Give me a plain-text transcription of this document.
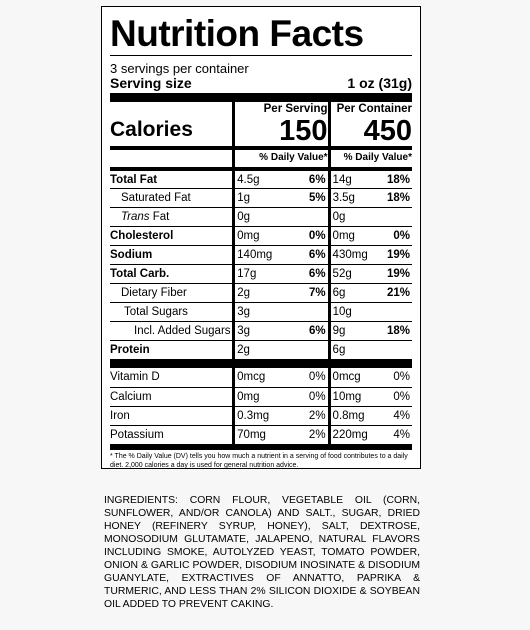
Nutrition Facts
3 servings per container
Serving size	1 oz (31g)
Calories
Per Serving
150
Per Container
450
% Daily Value*	% Daily Value*
Total Fat	4.5g	6% 14g	18%
Saturated Fat	1g	5% 3.5g	18%
Trans Fat	0g	0g
Cholesterol	0mg	0% 0mg	0%
Sodium	140mg	6% 430mg 19%
Total Carb.	17g	6% 52g	19%
Dietary Fiber	2g	7% 6g	21%
Total Sugars	3g	10g
Incl. Added Sugars 3g	6% 9g	18%
Protein	2g	6g
Vitamin D	0mcg	0% 0mcg	0%
Calcium	0mg	0% 10mg	0%
Iron	0.3mg	2% 0.8mg	4%
Potassium	70mg	2% 220mg 4%
* The % Daily Value (DV) tells you how much a nutrient in a serving of food contributes to a daily diet. 2,000 calories a day is used for general nutrition advice.
INGREDIENTS: CORN FLOUR, VEGETABLE OIL (CORN, SUNFLOWER, AND/OR CANOLA) AND SALT., SUGAR, DRIED HONEY (REFINERY SYRUP, HONEY), SALT, DEXTROSE, MONOSODIUM GLUTAMATE, JALAPENO, NATURAL FLAVORS INCLUDING SMOKE, AUTOLYZED YEAST, TOMATO POWDER, ONION & GARLIC POWDER, DISODIUM INOSINATE & DISODIUM GUANYLATE, EXTRACTIVES OF ANNATTO, PAPRIKA & TURMERIC, AND LESS THAN 2% SILICON DIOXIDE & SOYBEAN OIL ADDED TO PREVENT CAKING.
